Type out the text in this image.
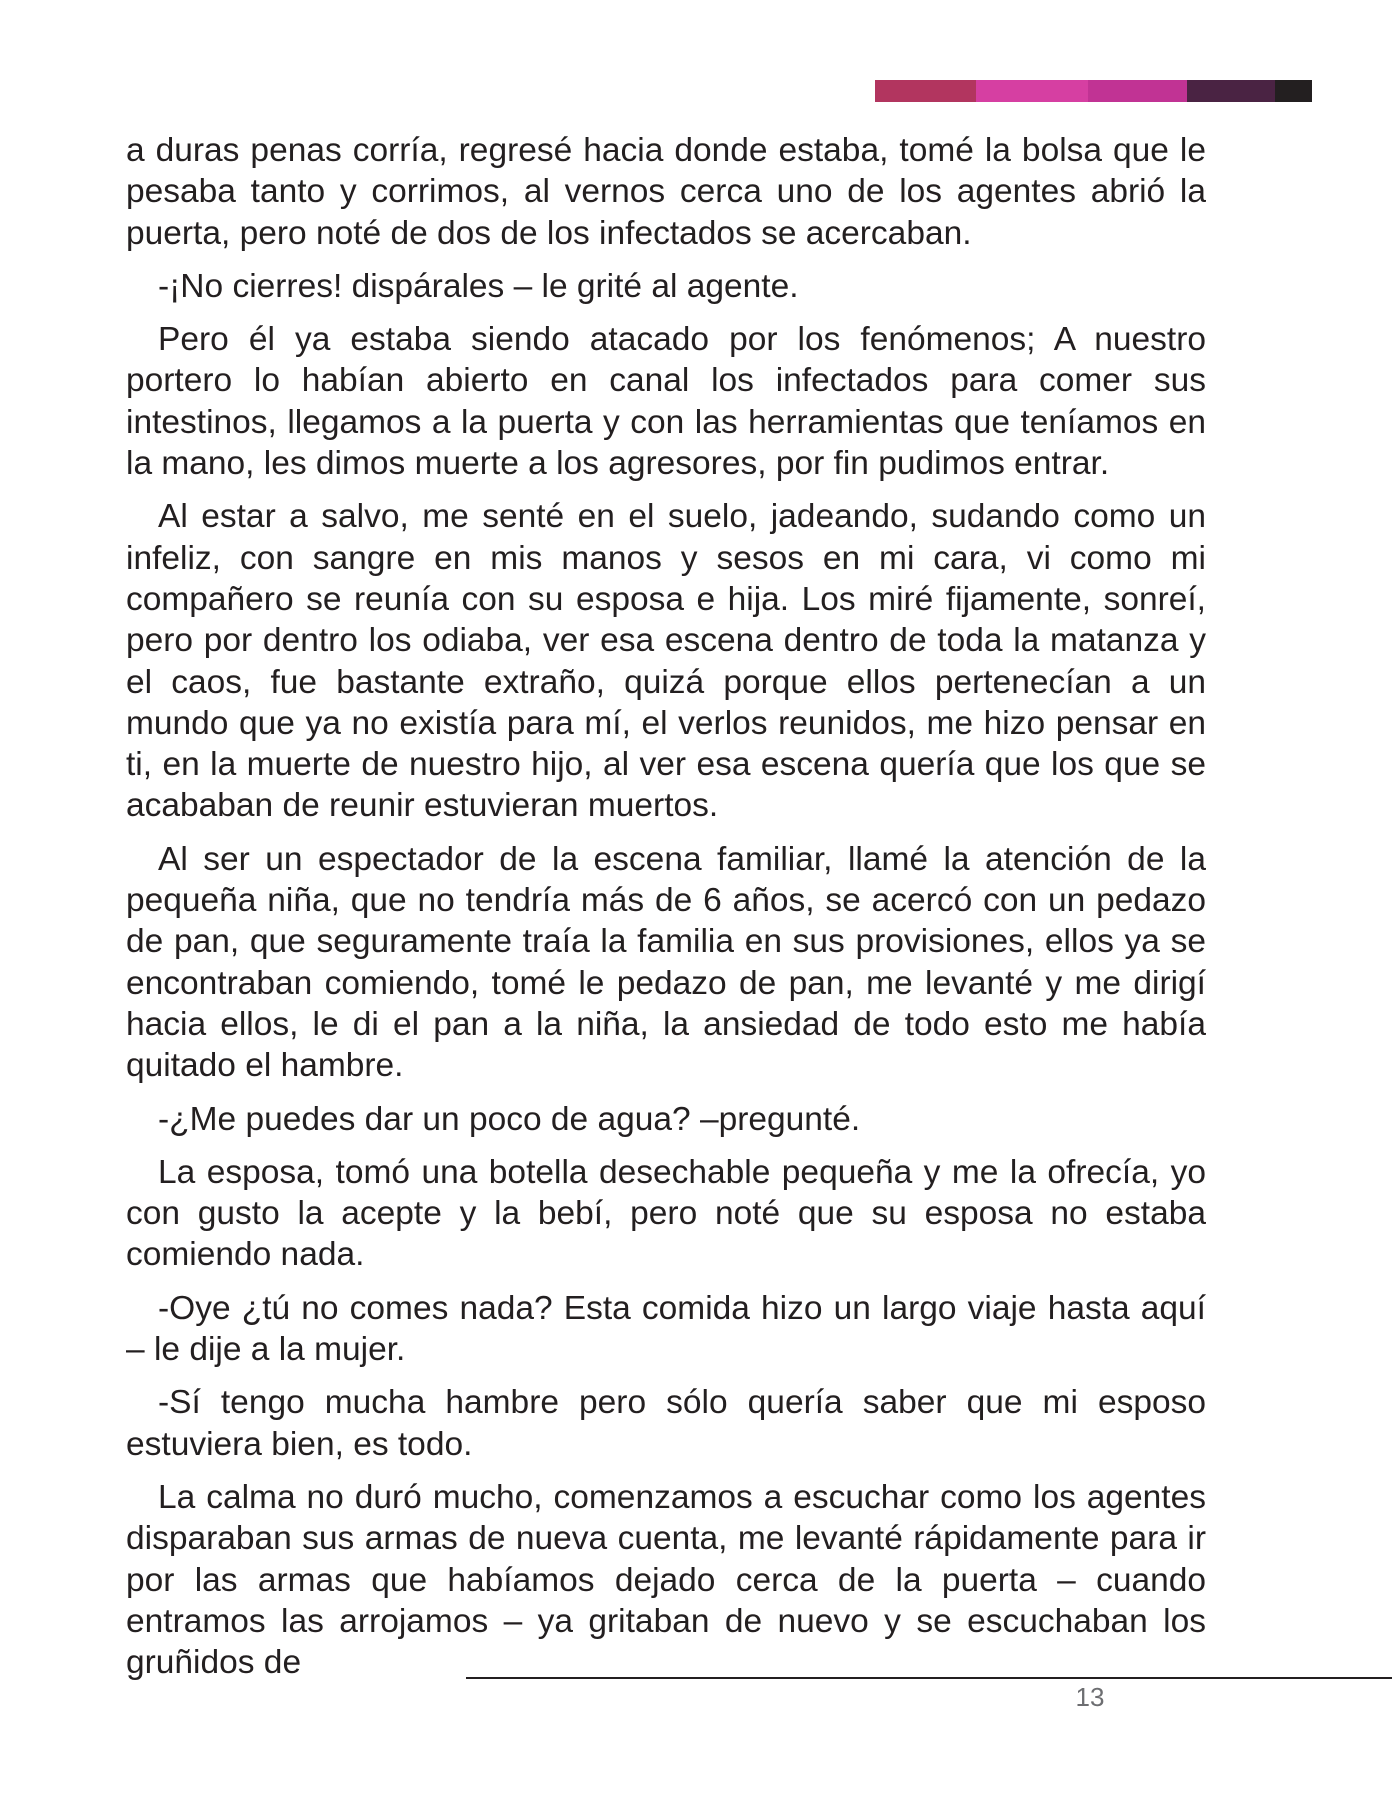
a duras penas corría, regresé hacia donde estaba, tomé la bolsa que le pesaba tanto y corrimos, al vernos cerca uno de los agentes abrió la puerta, pero noté de dos de los infectados se acercaban.

-¡No cierres! dispárales – le grité al agente.

Pero él ya estaba siendo atacado por los fenómenos; A nuestro portero lo habían abierto en canal los infectados para comer sus intestinos, llegamos a la puerta y con las herramientas que teníamos en la mano, les dimos muerte a los agresores, por fin pudimos entrar.

Al estar a salvo, me senté en el suelo, jadeando, sudando como un infeliz, con sangre en mis manos y sesos en mi cara, vi como mi compañero se reunía con su esposa e hija. Los miré fijamente, sonreí, pero por dentro los odiaba, ver esa escena dentro de toda la matanza y el caos, fue bastante extraño, quizá porque ellos pertenecían a un mundo que ya no existía para mí, el verlos reunidos, me hizo pensar en ti, en la muerte de nuestro hijo, al ver esa escena quería que los que se acababan de reunir estuvieran muertos.

Al ser un espectador de la escena familiar, llamé la atención de la pequeña niña, que no tendría más de 6 años, se acercó con un pedazo de pan, que seguramente traía la familia en sus provisiones, ellos ya se encontraban comiendo, tomé le pedazo de pan, me levanté y me dirigí hacia ellos, le di el pan a la niña, la ansiedad de todo esto me había quitado el hambre.

-¿Me puedes dar un poco de agua? –pregunté.

La esposa, tomó una botella desechable pequeña y me la ofrecía, yo con gusto la acepte y la bebí, pero noté que su esposa no estaba comiendo nada.

-Oye ¿tú no comes nada? Esta comida hizo un largo viaje hasta aquí – le dije a la mujer.

-Sí tengo mucha hambre pero sólo quería saber que mi esposo estuviera bien, es todo.

La calma no duró mucho, comenzamos a escuchar como los agentes disparaban sus armas de nueva cuenta, me levanté rápidamente para ir por las armas que habíamos dejado cerca de la puerta – cuando entramos las arrojamos – ya gritaban de nuevo y se escuchaban los gruñidos de

13
